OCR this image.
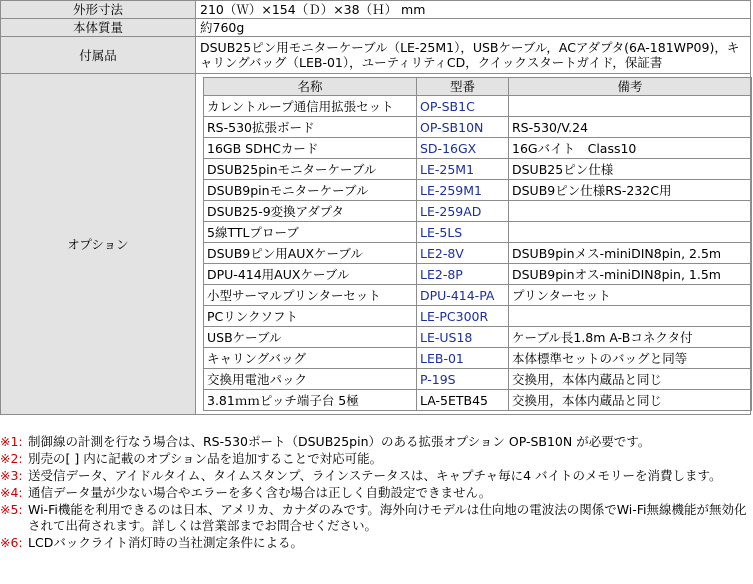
外形寸法	210（Ｗ）×154（Ｄ）×38（Ｈ） mm
本体質量	約760g
付属品	DSUB25ピン用モニターケーブル（LE-25M1），USBケーブル，ACアダプタ(6A-181WP09)，キャリングバッグ（LEB-01），ユーティリティCD，クイックスタートガイド，保証書
オプション	
名称	型番	備考
カレントループ通信用拡張セット	OP-SB1C	
RS-530拡張ボード	OP-SB10N	RS-530/V.24
16GB SDHCカード	SD-16GX	16Gバイト　Class10
DSUB25pinモニターケーブル	LE-25M1	DSUB25ピン仕様
DSUB9pinモニターケーブル	LE-259M1	DSUB9ピン仕様RS-232C用
DSUB25-9変換アダプタ	LE-259AD	
5線TTLプローブ	LE-5LS	
DSUB9ピン用AUXケーブル	LE2-8V	DSUB9pinメス-miniDIN8pin, 2.5m
DPU-414用AUXケーブル	LE2-8P	DSUB9pinオス-miniDIN8pin, 1.5m
小型サーマルプリンターセット	DPU-414-PA	プリンターセット
PCリンクソフト	LE-PC300R	
USBケーブル	LE-US18	ケーブル長1.8m A-Bコネクタ付
キャリングバッグ	LEB-01	本体標準セットのバッグと同等
交換用電池パック	P-19S	交換用，本体内蔵品と同じ
3.81ｍｍピッチ端子台 5極	LA-5ETB45	交換用，本体内蔵品と同じ
※1: 制御線の計測を行なう場合は、RS-530ポート（DSUB25pin）のある拡張オプション OP-SB10N が必要です。
※2: 別売の[ ] 内に記載のオプション品を追加することで対応可能。
※3: 送受信データ、アイドルタイム、タイムスタンプ、ラインステータスは、キャプチャ毎に4 バイトのメモリーを消費します。
※4: 通信データ量が少ない場合やエラーを多く含む場合は正しく自動設定できません。
※5: Wi-Fi機能を利用できるのは日本、アメリカ、カナダのみです。海外向けモデルは仕向地の電波法の関係でWi-Fi無線機能が無効化されて出荷されます。詳しくは営業部までお問合せください。
※6: LCDバックライト消灯時の当社測定条件による。
